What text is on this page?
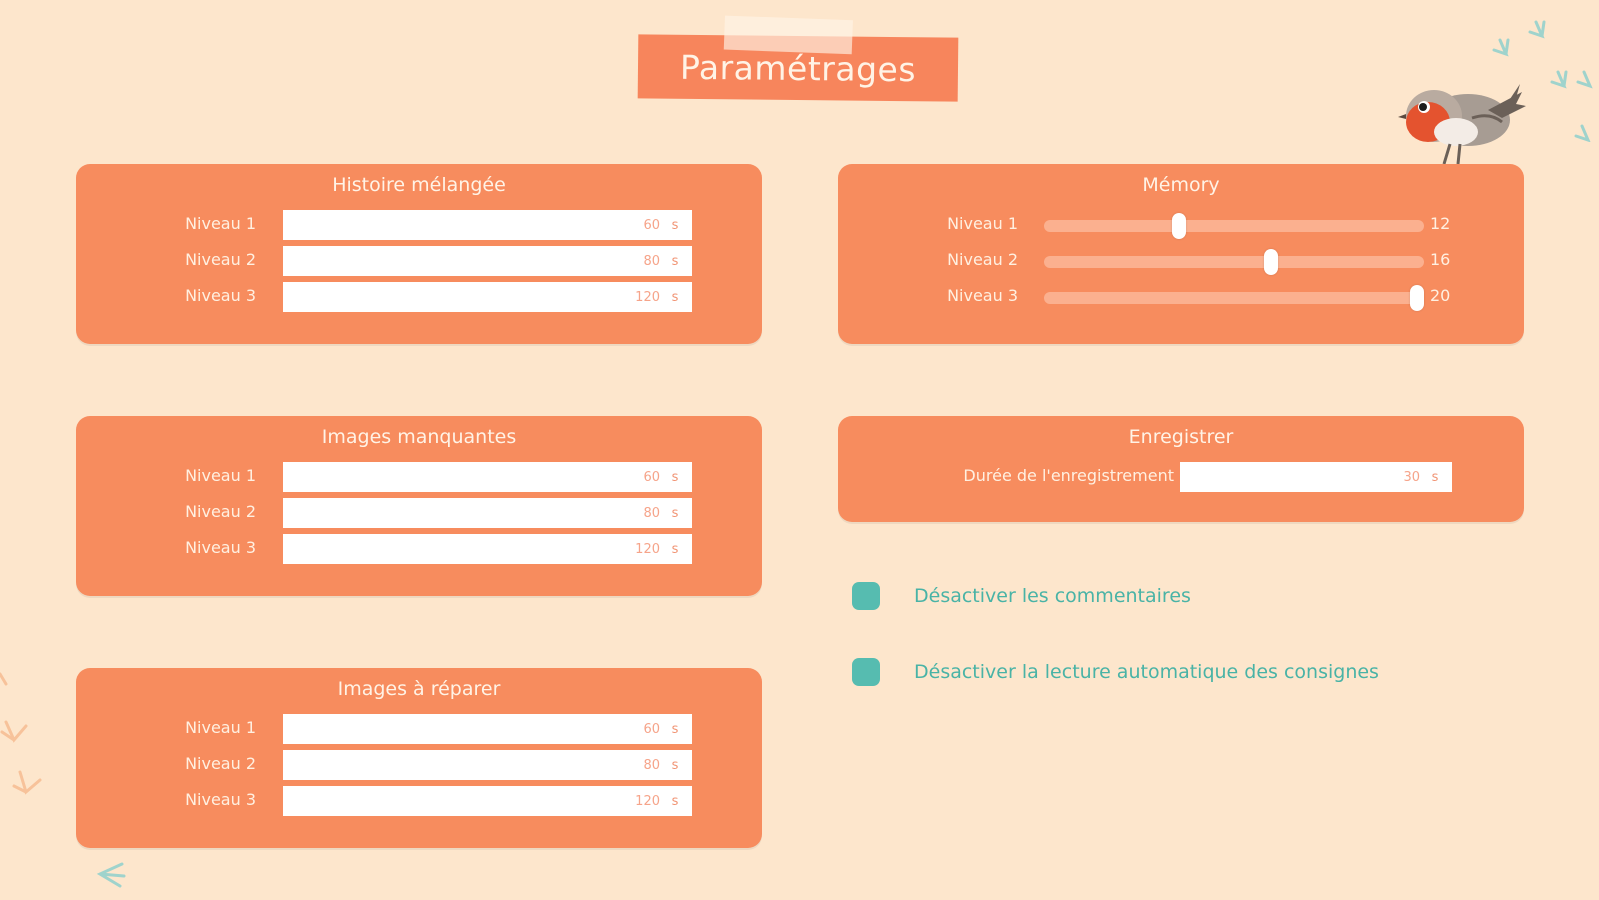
Paramétrages
Histoire mélangée
Niveau 1	60 s
Niveau 2	80 s
Niveau 3	120 s
Images manquantes
Niveau 1	60 s
Niveau 2	80 s
Niveau 3	120 s
Images à réparer
Niveau 1	60 s
Niveau 2	80 s
Niveau 3	120 s
Mémory
Niveau 1	12
Niveau 2	16
Niveau 3	20
Enregistrer
Durée de l'enregistrement	30 s
Désactiver les commentaires
Désactiver la lecture automatique des consignes
